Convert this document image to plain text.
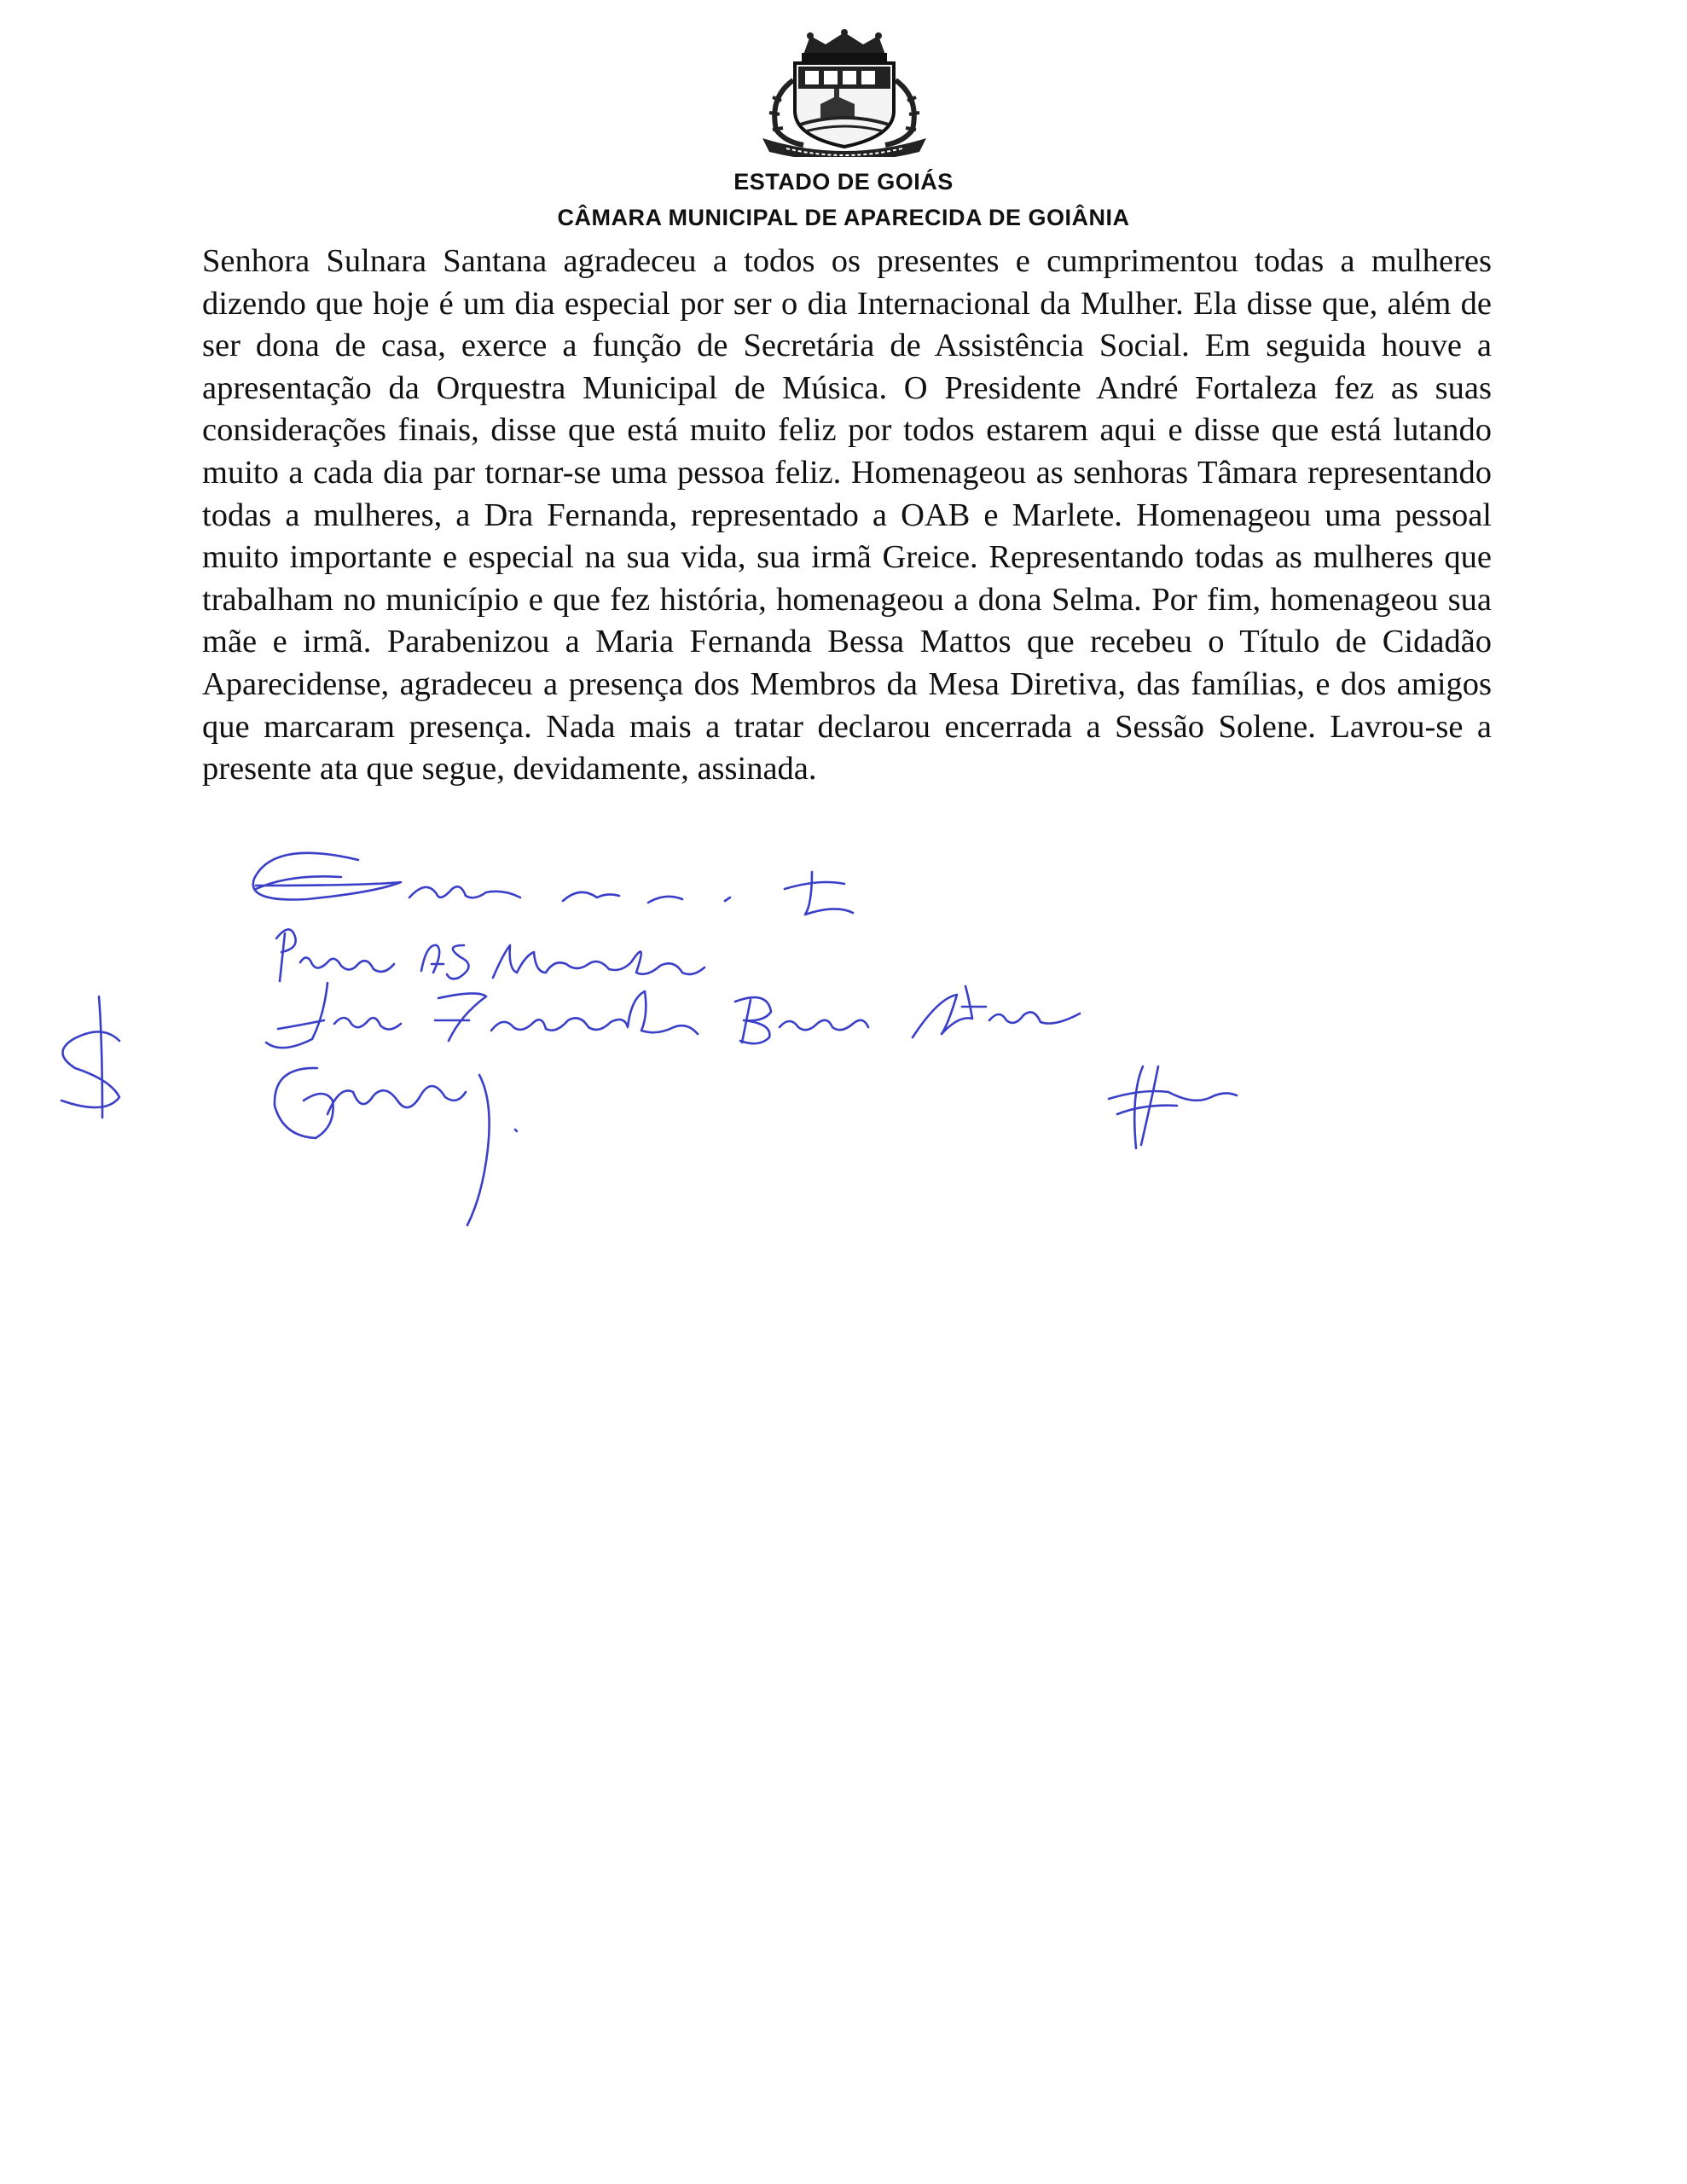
ESTADO DE GOIÁS
CÂMARA MUNICIPAL DE APARECIDA DE GOIÂNIA
Senhora Sulnara Santana agradeceu a todos os presentes e cumprimentou todas a mulheres dizendo que hoje é um dia especial por ser o dia Internacional da Mulher. Ela disse que, além de ser dona de casa, exerce a função de Secretária de Assistência Social. Em seguida houve a apresentação da Orquestra Municipal de Música. O Presidente André Fortaleza fez as suas considerações finais, disse que está muito feliz por todos estarem aqui e disse que está lutando muito a cada dia par tornar-se uma pessoa feliz. Homenageou as senhoras Tâmara representando todas a mulheres, a Dra Fernanda, representado a OAB e Marlete. Homenageou uma pessoal muito importante e especial na sua vida, sua irmã Greice. Representando todas as mulheres que trabalham no município e que fez história, homenageou a dona Selma. Por fim, homenageou sua mãe e irmã. Parabenizou a Maria Fernanda Bessa Mattos que recebeu o Título de Cidadão Aparecidense, agradeceu a presença dos Membros da Mesa Diretiva, das famílias, e dos amigos que marcaram presença. Nada mais a tratar declarou encerrada a Sessão Solene. Lavrou-se a presente ata que segue, devidamente, assinada.
